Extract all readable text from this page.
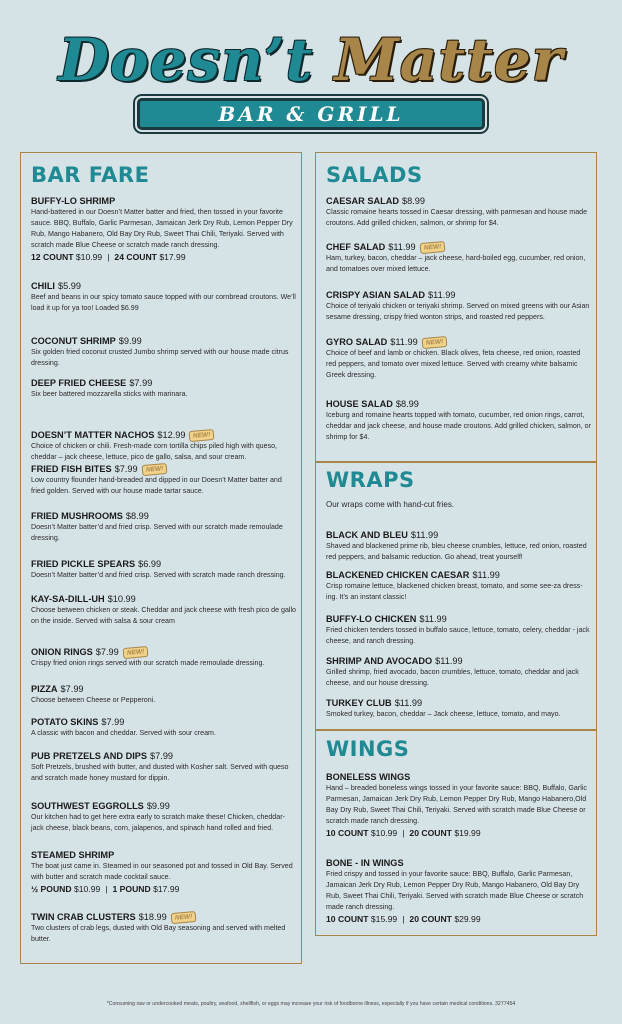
Doesn’t Matter
BAR & GRILL
BAR FARE
BUFFY-LO SHRIMP
Hand-battered in our Doesn’t Matter batter and fried, then tossed in your favorite sauce. BBQ, Buffalo, Garlic Parmesan, Jamaican Jerk Dry Rub, Lemon Pepper Dry Rub, Mango Habanero, Old Bay Dry Rub, Sweet Thai Chili, Teriyaki. Served with scratch made Blue Cheese or scratch made ranch dressing.
12 COUNT $10.99 | 24 COUNT $17.99
CHILI $5.99
Beef and beans in our spicy tomato sauce topped with our cornbread croutons. We’ll load it up for ya too! Loaded $6.99
COCONUT SHRIMP $9.99
Six golden fried coconut crusted Jumbo shrimp served with our house made citrus dressing.
DEEP FRIED CHEESE $7.99
Six beer battered mozzarella sticks with marinara.
DOESN’T MATTER NACHOS $12.99 NEW!
Choice of chicken or chili. Fresh-made corn tortilla chips piled high with queso, cheddar – jack cheese, lettuce, pico de gallo, salsa, and sour cream.
FRIED FISH BITES $7.99 NEW!
Low country flounder hand-breaded and dipped in our Doesn’t Matter batter and fried golden. Served with our house made tartar sauce.
FRIED MUSHROOMS $8.99
Doesn’t Matter batter’d and fried crisp. Served with our scratch made remoulade dressing.
FRIED PICKLE SPEARS $6.99
Doesn’t Matter batter’d and fried crisp. Served with scratch made ranch dressing.
KAY-SA-DILL-UH $10.99
Choose between chicken or steak. Cheddar and jack cheese with fresh pico de gallo on the inside. Served with salsa & sour cream
ONION RINGS $7.99 NEW!
Crispy fried onion rings served with our scratch made remoulade dressing.
PIZZA $7.99
Choose between Cheese or Pepperoni.
POTATO SKINS $7.99
A classic with bacon and cheddar. Served with sour cream.
PUB PRETZELS AND DIPS $7.99
Soft Pretzels, brushed with butter, and dusted with Kosher salt. Served with queso and scratch made honey mustard for dippin.
SOUTHWEST EGGROLLS $9.99
Our kitchen had to get here extra early to scratch make these! Chicken, cheddar-jack cheese, black beans, corn, jalapenos, and spinach hand rolled and fried.
STEAMED SHRIMP
The boat just came in. Steamed in our seasoned pot and tossed in Old Bay. Served with butter and scratch made cocktail sauce.
½ POUND $10.99 | 1 POUND $17.99
TWIN CRAB CLUSTERS $18.99 NEW!
Two clusters of crab legs, dusted with Old Bay seasoning and served with melted butter.
SALADS
CAESAR SALAD $8.99
Classic romaine hearts tossed in Caesar dressing, with parmesan and house made croutons. Add grilled chicken, salmon, or shrimp for $4.
CHEF SALAD $11.99 NEW!
Ham, turkey, bacon, cheddar – jack cheese, hard-boiled egg, cucumber, red onion, and tomatoes over mixed lettuce.
CRISPY ASIAN SALAD $11.99
Choice of teriyaki chicken or teriyaki shrimp. Served on mixed greens with our Asian sesame dressing, crispy fried wonton strips, and roasted red peppers.
GYRO SALAD $11.99 NEW!
Choice of beef and lamb or chicken. Black olives, feta cheese, red onion, roasted red peppers, and tomato over mixed lettuce. Served with creamy white balsamic Greek dressing.
HOUSE SALAD $8.99
Iceburg and romaine hearts topped with tomato, cucumber, red onion rings, carrot, cheddar and jack cheese, and house made croutons. Add grilled chicken, salmon, or shrimp for $4.
WRAPS
Our wraps come with hand-cut fries.
BLACK AND BLEU $11.99
Shaved and blackened prime rib, bleu cheese crumbles, lettuce, red onion, roasted red peppers, and balsamic reduction. Go ahead, treat yourself!
BLACKENED CHICKEN CAESAR $11.99
Crisp romaine lettuce, blackened chicken breast, tomato, and some see-za dress-ing. It’s an instant classic!
BUFFY-LO CHICKEN $11.99
Fried chicken tenders tossed in buffalo sauce, lettuce, tomato, celery, cheddar - jack cheese, and ranch dressing.
SHRIMP AND AVOCADO $11.99
Grilled shrimp, fried avocado, bacon crumbles, lettuce, tomato, cheddar and jack cheese, and our house dressing.
TURKEY CLUB $11.99
Smoked turkey, bacon, cheddar – Jack cheese, lettuce, tomato, and mayo.
WINGS
BONELESS WINGS
Hand – breaded boneless wings tossed in your favorite sauce: BBQ, Buffalo, Garlic Parmesan, Jamaican Jerk Dry Rub, Lemon Pepper Dry Rub, Mango Habanero,Old Bay Dry Rub, Sweet Thai Chili, Teriyaki. Served with scratch made Blue Cheese or scratch made ranch dressing.
10 COUNT $10.99 | 20 COUNT $19.99
BONE - IN WINGS
Fried crispy and tossed in your favorite sauce: BBQ, Buffalo, Garlic Parmesan, Jamaican Jerk Dry Rub, Lemon Pepper Dry Rub, Mango Habanero, Old Bay Dry Rub, Sweet Thai Chili, Teriyaki. Served with scratch made Blue Cheese or scratch made ranch dressing.
10 COUNT $15.99 | 20 COUNT $29.99
*Consuming raw or undercooked meats, poultry, seafood, shellfish, or eggs may increase your risk of foodborne illness, especially if you have certain medical conditions. 3277454
